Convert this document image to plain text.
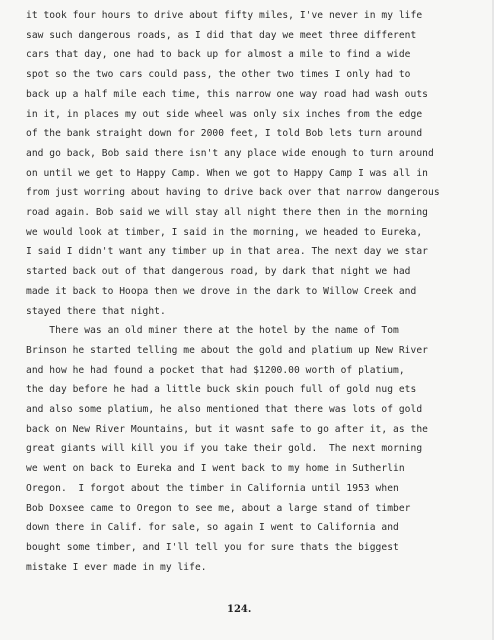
it took four hours to drive about fifty miles, I've never in my life
saw such dangerous roads, as I did that day we meet three different
cars that day, one had to back up for almost a mile to find a wide
spot so the two cars could pass, the other two times I only had to
back up a half mile each time, this narrow one way road had wash outs
in it, in places my out side wheel was only six inches from the edge
of the bank straight down for 2000 feet, I told Bob lets turn around
and go back, Bob said there isn't any place wide enough to turn around
on until we get to Happy Camp. When we got to Happy Camp I was all in
from just worring about having to drive back over that narrow dangerous
road again. Bob said we will stay all night there then in the morning
we would look at timber, I said in the morning, we headed to Eureka,
I said I didn't want any timber up in that area. The next day we star
started back out of that dangerous road, by dark that night we had
made it back to Hoopa then we drove in the dark to Willow Creek and
stayed there that night.
There was an old miner there at the hotel by the name of Tom
Brinson he started telling me about the gold and platium up New River
and how he had found a pocket that had $1200.00 worth of platium,
the day before he had a little buck skin pouch full of gold nug ets
and also some platium, he also mentioned that there was lots of gold
back on New River Mountains, but it wasnt safe to go after it, as the
great giants will kill you if you take their gold.  The next morning
we went on back to Eureka and I went back to my home in Sutherlin
Oregon.  I forgot about the timber in California until 1953 when
Bob Doxsee came to Oregon to see me, about a large stand of timber
down there in Calif. for sale, so again I went to California and
bought some timber, and I'll tell you for sure thats the biggest
mistake I ever made in my life.
124.
